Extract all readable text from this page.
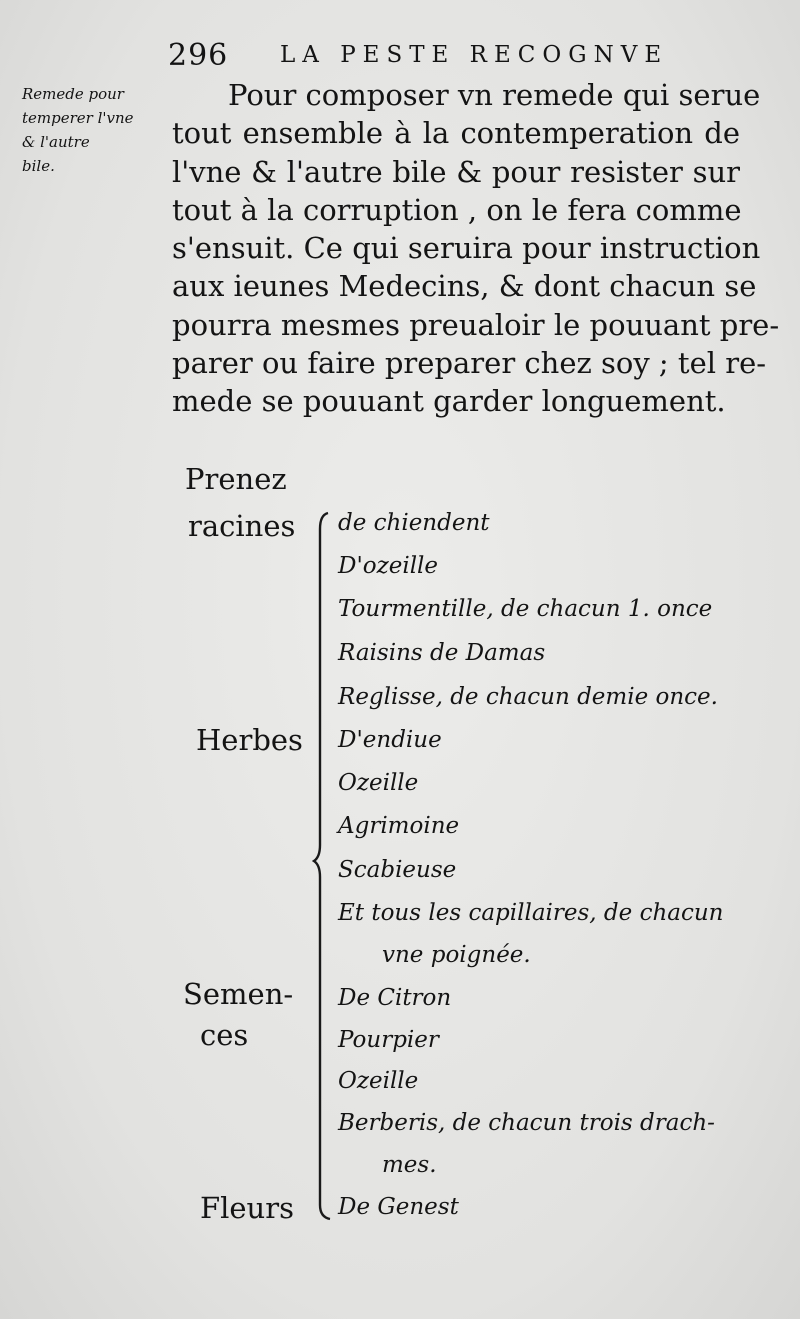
296 LA PESTE RECOGNVE
Remede pour
temperer l'vne
& l'autre
bile.
Pour composer vn remede qui serue
tout ensemble à la contemperation de
l'vne & l'autre bile & pour resister sur
tout à la corruption , on le fera comme
s'ensuit. Ce qui seruira pour instruction
aux ieunes Medecins, & dont chacun se
pourra mesmes preualoir le pouuant pre-
parer ou faire preparer chez soy ; tel re-
mede se pouuant garder longuement.
Prenez
racines
Herbes
Semen-
ces
Fleurs
de chiendent
D'ozeille
Tourmentille, de chacun 1. once
Raisins de Damas
Reglisse, de chacun demie once.
D'endiue
Ozeille
Agrimoine
Scabieuse
Et tous les capillaires, de chacun
vne poignée.
De Citron
Pourpier
Ozeille
Berberis, de chacun trois drach-
mes.
De Genest
